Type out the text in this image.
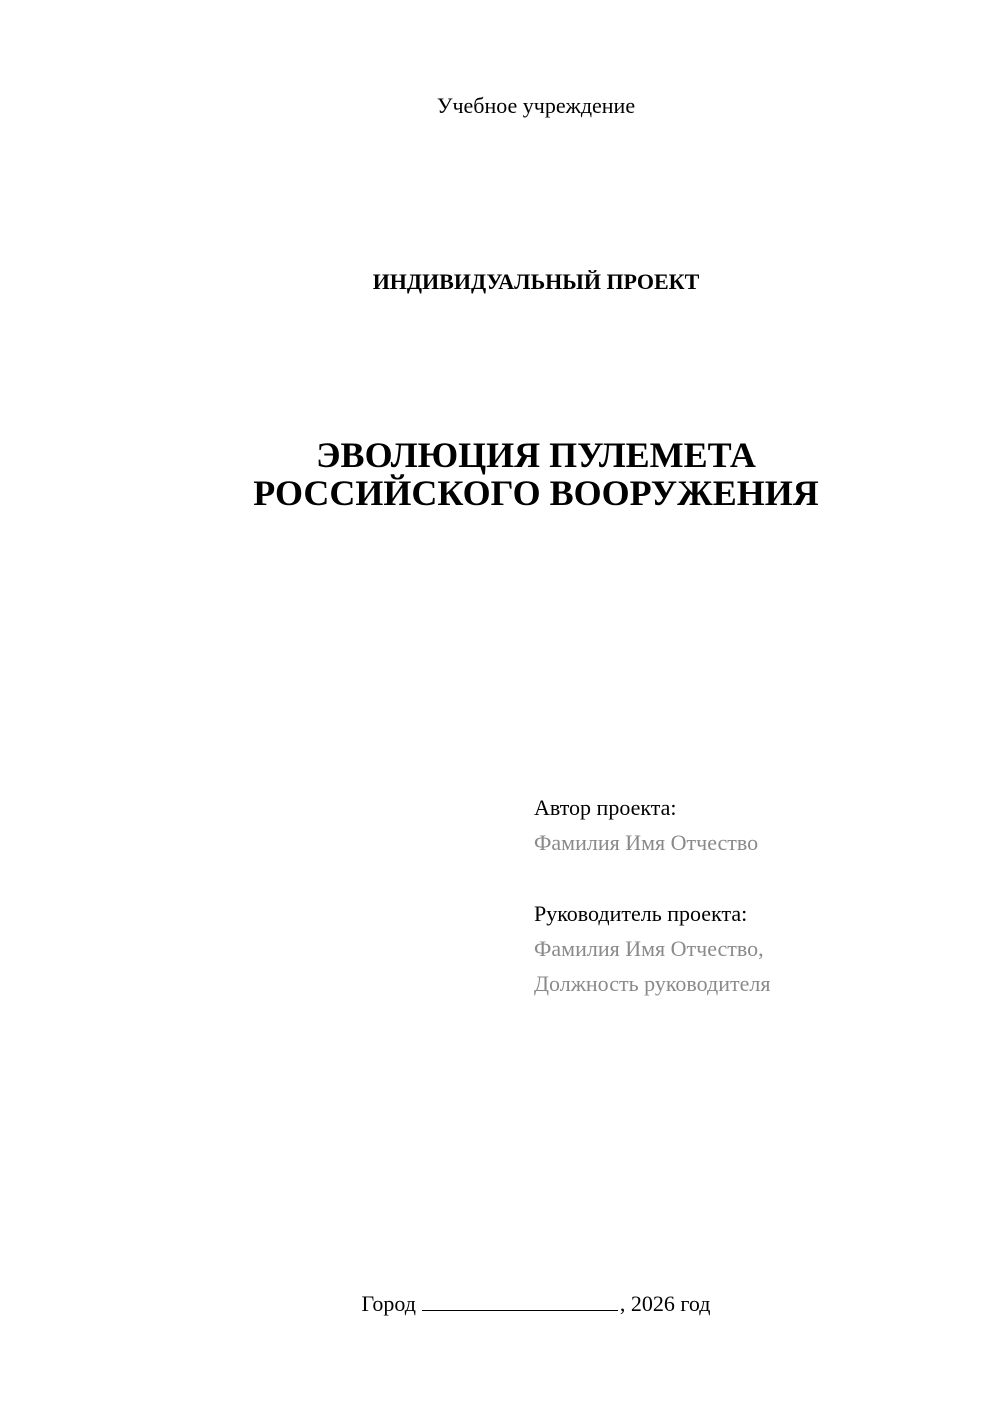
Учебное учреждение
ИНДИВИДУАЛЬНЫЙ ПРОЕКТ
ЭВОЛЮЦИЯ ПУЛЕМЕТА
РОССИЙСКОГО ВООРУЖЕНИЯ
Автор проекта:
Фамилия Имя Отчество
Руководитель проекта:
Фамилия Имя Отчество,
Должность руководителя
Город	, 2026 год
